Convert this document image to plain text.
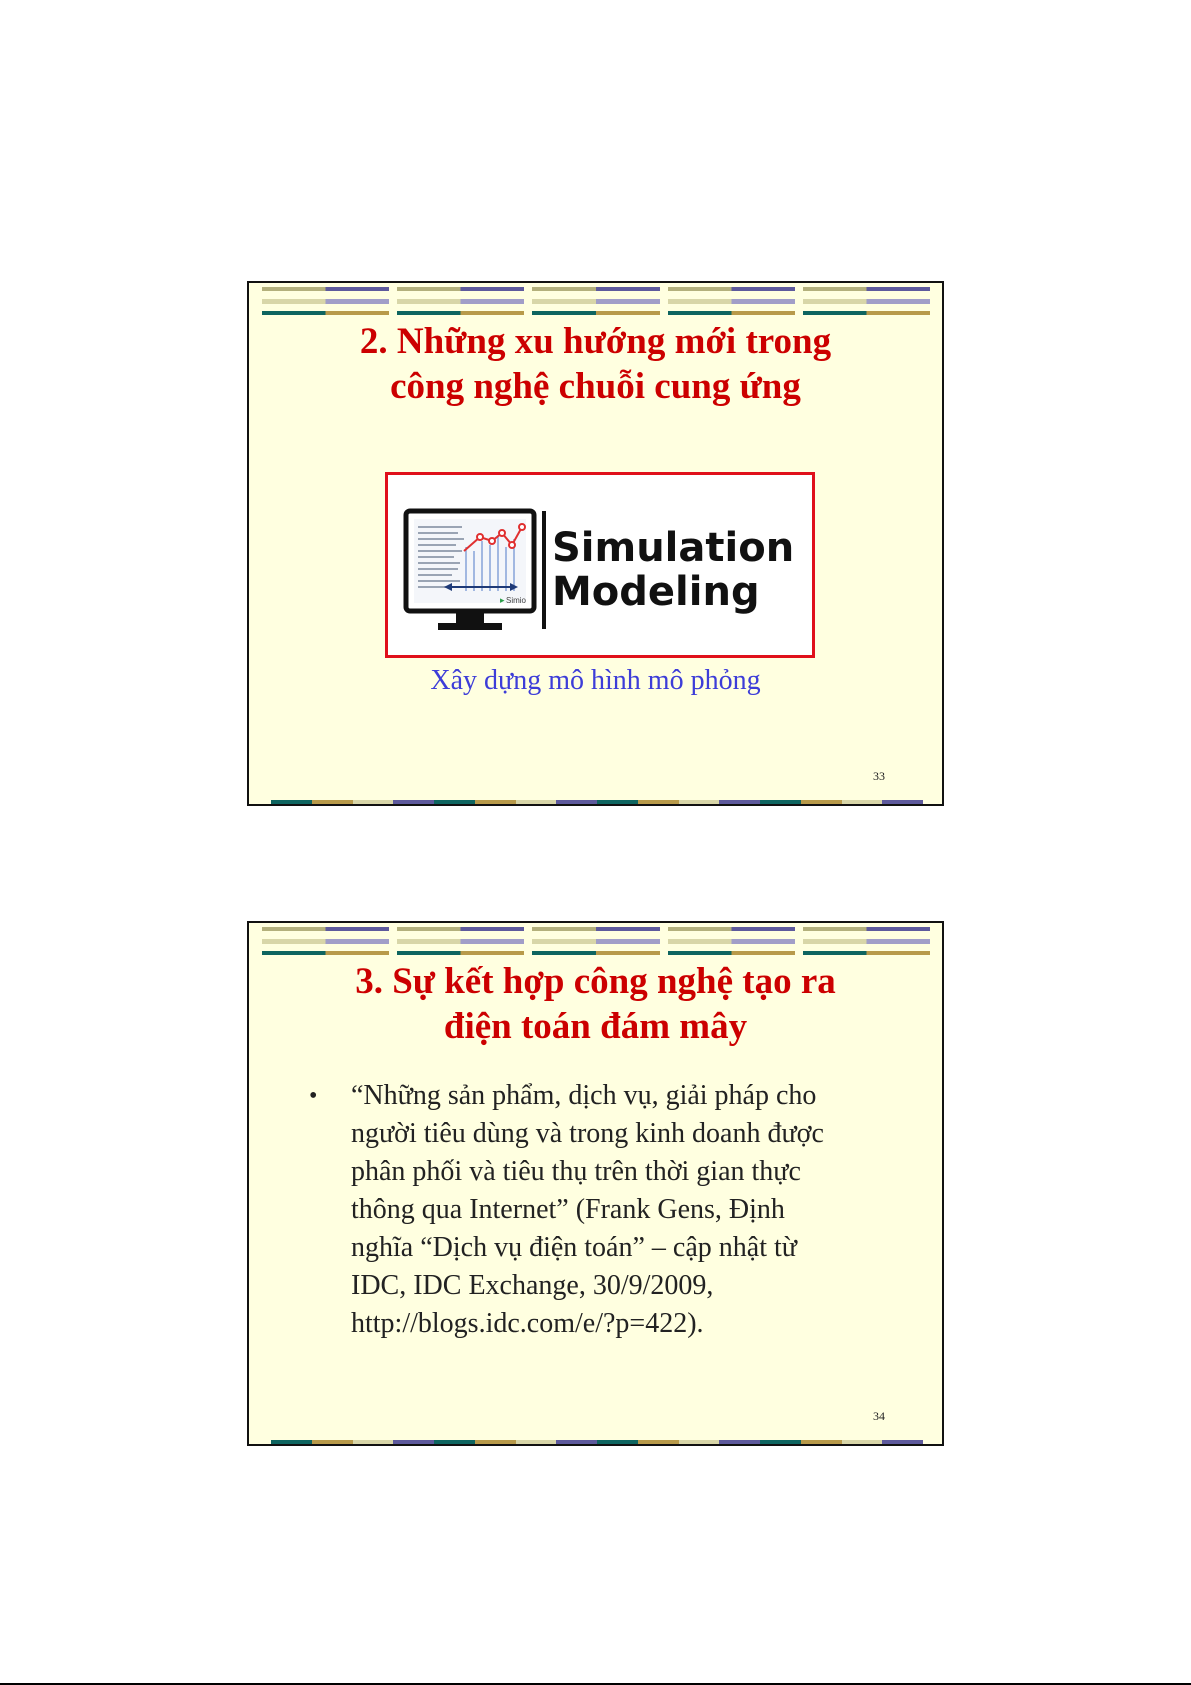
2. Những xu hướng mới trong
công nghệ chuỗi cung ứng
▸ Simio
Simulation
Modeling
Xây dựng mô hình mô phỏng
33
3. Sự kết hợp công nghệ tạo ra
điện toán đám mây
• “Những sản phẩm, dịch vụ, giải pháp cho
người tiêu dùng và trong kinh doanh được
phân phối và tiêu thụ trên thời gian thực
thông qua Internet” (Frank Gens, Định
nghĩa “Dịch vụ điện toán” – cập nhật từ
IDC, IDC Exchange, 30/9/2009,
http://blogs.idc.com/e/?p=422).
34
